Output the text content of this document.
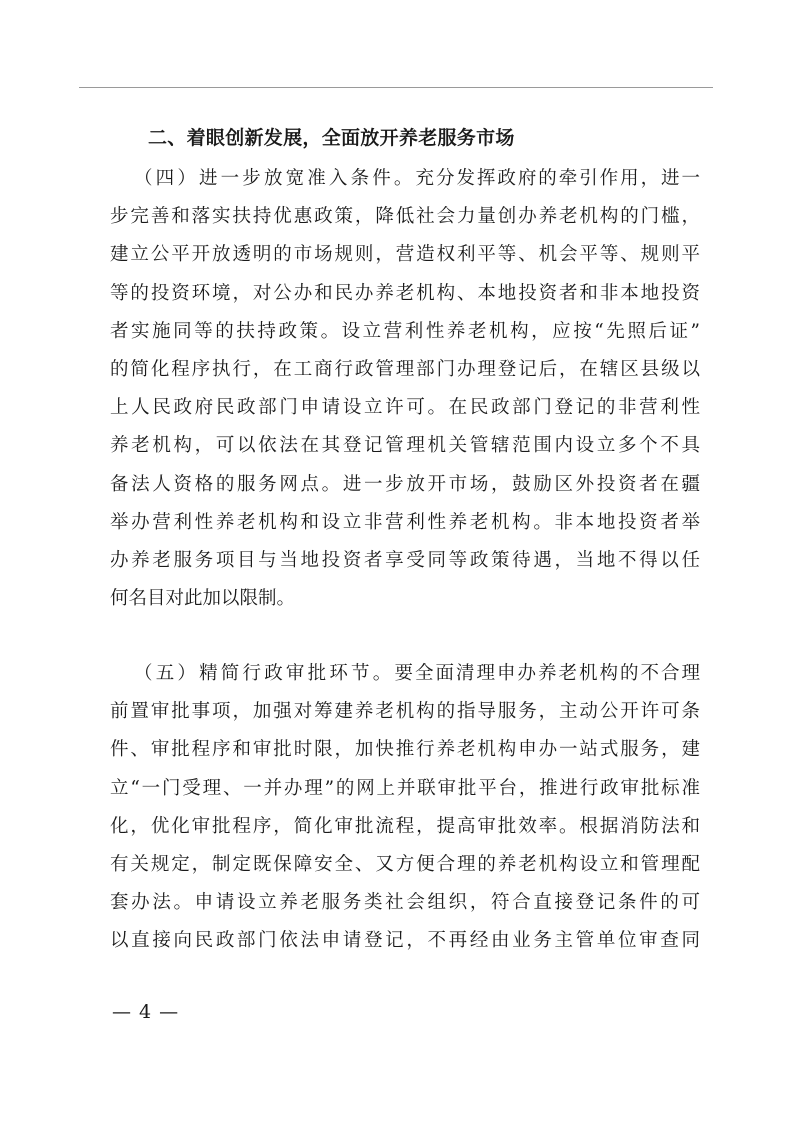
二、着眼创新发展，全面放开养老服务市场
（四）进一步放宽准入条件。充分发挥政府的牵引作用，进一
步完善和落实扶持优惠政策，降低社会力量创办养老机构的门槛，
建立公平开放透明的市场规则，营造权利平等、机会平等、规则平
等的投资环境，对公办和民办养老机构、本地投资者和非本地投资
者实施同等的扶持政策。设立营利性养老机构，应按“先照后证”
的简化程序执行，在工商行政管理部门办理登记后，在辖区县级以
上人民政府民政部门申请设立许可。在民政部门登记的非营利性
养老机构，可以依法在其登记管理机关管辖范围内设立多个不具
备法人资格的服务网点。进一步放开市场，鼓励区外投资者在疆
举办营利性养老机构和设立非营利性养老机构。非本地投资者举
办养老服务项目与当地投资者享受同等政策待遇，当地不得以任
何名目对此加以限制。
（五）精简行政审批环节。要全面清理申办养老机构的不合理
前置审批事项，加强对筹建养老机构的指导服务，主动公开许可条
件、审批程序和审批时限，加快推行养老机构申办一站式服务，建
立“一门受理、一并办理”的网上并联审批平台，推进行政审批标准
化，优化审批程序，简化审批流程，提高审批效率。根据消防法和
有关规定，制定既保障安全、又方便合理的养老机构设立和管理配
套办法。申请设立养老服务类社会组织，符合直接登记条件的可
以直接向民政部门依法申请登记，不再经由业务主管单位审查同
— 4 —
